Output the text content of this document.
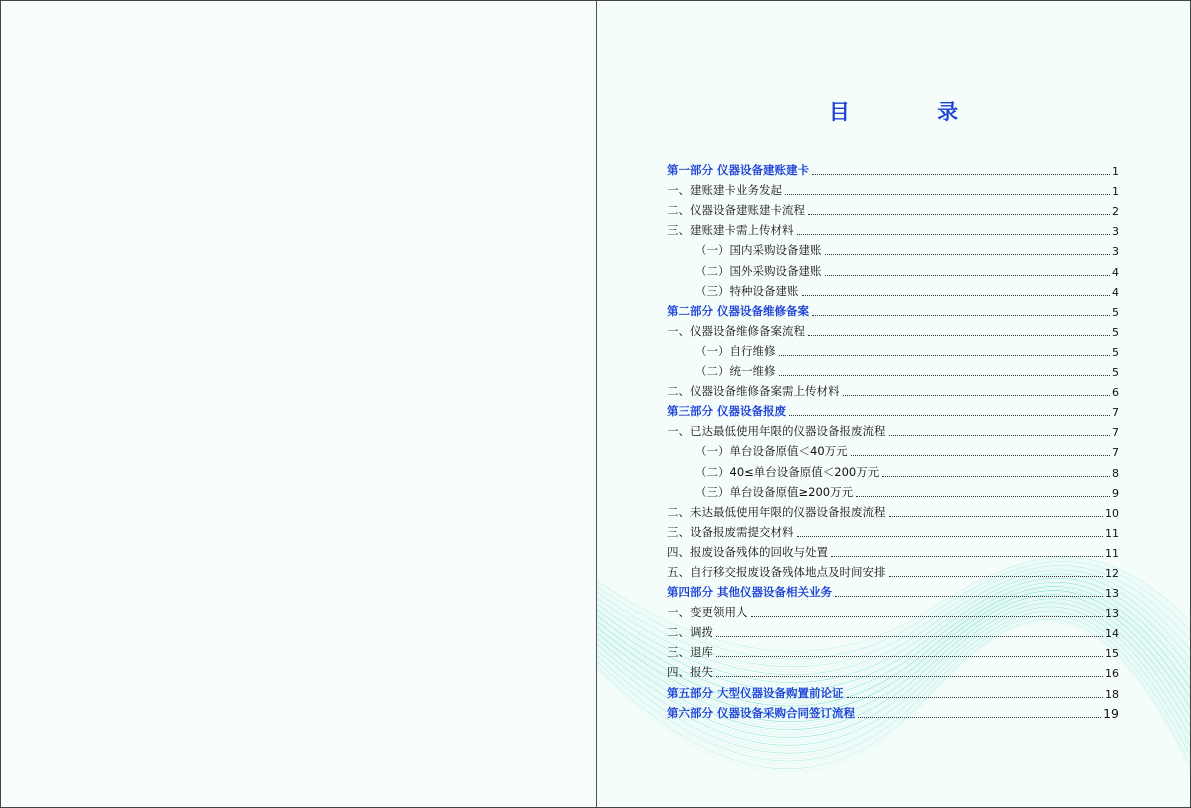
目 录
第一部分 仪器设备建账建卡	1
一、建账建卡业务发起	1
二、仪器设备建账建卡流程	2
三、建账建卡需上传材料	3
（一）国内采购设备建账	3
（二）国外采购设备建账	4
（三）特种设备建账	4
第二部分 仪器设备维修备案	5
一、仪器设备维修备案流程	5
（一）自行维修	5
（二）统一维修	5
二、仪器设备维修备案需上传材料	6
第三部分 仪器设备报废	7
一、已达最低使用年限的仪器设备报废流程	7
（一）单台设备原值＜40万元	7
（二）40≤单台设备原值＜200万元	8
（三）单台设备原值≥200万元	9
二、未达最低使用年限的仪器设备报废流程	10
三、设备报废需提交材料	11
四、报废设备残体的回收与处置	11
五、自行移交报废设备残体地点及时间安排	12
第四部分 其他仪器设备相关业务	13
一、变更领用人	13
二、调拨	14
三、退库	15
四、报失	16
第五部分 大型仪器设备购置前论证	18
第六部分 仪器设备采购合同签订流程	19
